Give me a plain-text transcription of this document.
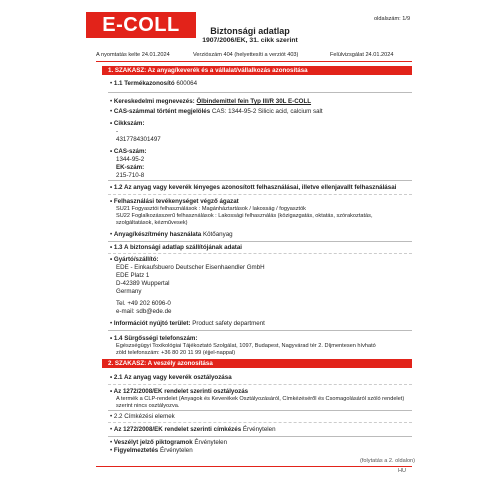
E-COLL	oldalszám: 1/9
Biztonsági adatlap
1907/2006/EK, 31. cikk szerint
A nyomtatás kelte 24.01.2024	Verziószám 404 (helyettesíti a verziót 403)	Felülvizsgálat 24.01.2024
1. SZAKASZ: Az anyag/keverék és a vállalat/vállalkozás azonosítása
• 1.1 Termékazonosító 600064
• Kereskedelmi megnevezés: Ölbindemittel fein Typ III/R 30L E-COLL
• CAS-számmal történt megjelölés CAS: 1344-95-2 Silicic acid, calcium salt
• Cikkszám:
-
4317784301497
• CAS-szám:
1344-95-2
EK-szám:
215-710-8
• 1.2 Az anyag vagy keverék lényeges azonosított felhasználásai, illetve ellenjavallt felhasználásai
• Felhasználási tevékenységet végző ágazat
SU21 Fogyasztói felhasználások : Magánháztartások / lakosság / fogyasztók
SU22 Foglalkozásszerű felhasználások : Lakossági felhasználás (közigazgatás, oktatás, szórakoztatás, szolgáltatások, kézművesek)
• Anyag/készítmény használata Kötőanyag
• 1.3 A biztonsági adatlap szállítójának adatai
• Gyártó/szállító:
EDE - Einkaufsbuero Deutscher Eisenhaendler GmbH
EDE Platz 1
D-42389 Wuppertal
Germany
Tel. +49 202 6096-0
e-mail: sdb@ede.de
• Információt nyújtó terület: Product safety department
• 1.4 Sürgősségi telefonszám:
Egészségügyi Toxikológiai Tájékoztató Szolgálat, 1097, Budapest, Nagyvárad tér 2. Díjmentesen hívható
zöld telefonszám: +36 80 20 11 99 (éjjel-nappal)
2. SZAKASZ: A veszély azonosítása
• 2.1 Az anyag vagy keverék osztályozása
• Az 1272/2008/EK rendelet szerinti osztályozás
A termék a CLP-rendelet (Anyagok és Keverékek Osztályozásáról, Címkézéséről és Csomagolásáról szóló rendelet) szerint nincs osztályozva.
• 2.2 Címkézési elemek
• Az 1272/2008/EK rendelet szerinti címkézés Érvénytelen
• Veszélyt jelző piktogramok Érvénytelen
• Figyelmeztetés Érvénytelen
(folytatás a 2. oldalon)
HU
